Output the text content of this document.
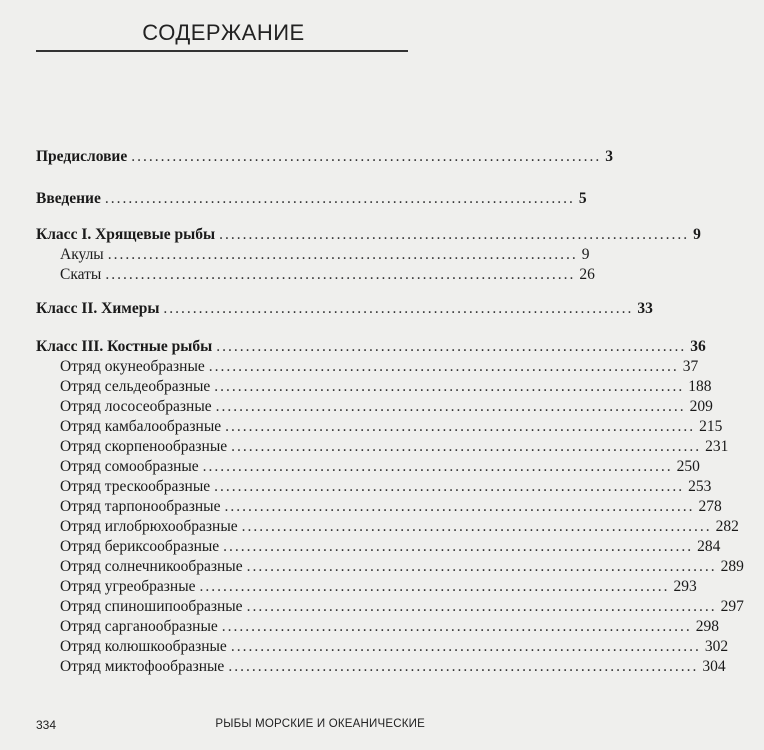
СОДЕРЖАНИЕ
Предисловие ................................................................................ 3
Введение ................................................................................ 5
Класс I. Хрящевые рыбы ................................................................................ 9
Акулы ................................................................................ 9
Скаты ................................................................................ 26
Класс II. Химеры ................................................................................ 33
Класс III. Костные рыбы ................................................................................ 36
Отряд окунеобразные ................................................................................ 37
Отряд сельдеобразные ................................................................................ 188
Отряд лососеобразные ................................................................................ 209
Отряд камбалообразные ................................................................................ 215
Отряд скорпенообразные ................................................................................ 231
Отряд сомообразные ................................................................................ 250
Отряд трескообразные ................................................................................ 253
Отряд тарпонообразные ................................................................................ 278
Отряд иглобрюхообразные ................................................................................ 282
Отряд бериксообразные ................................................................................ 284
Отряд солнечникообразные ................................................................................ 289
Отряд угреобразные ................................................................................ 293
Отряд спиношипообразные ................................................................................ 297
Отряд сарганообразные ................................................................................ 298
Отряд колюшкообразные ................................................................................ 302
Отряд миктофообразные ................................................................................ 304
334	РЫБЫ МОРСКИЕ И ОКЕАНИЧЕСКИЕ
